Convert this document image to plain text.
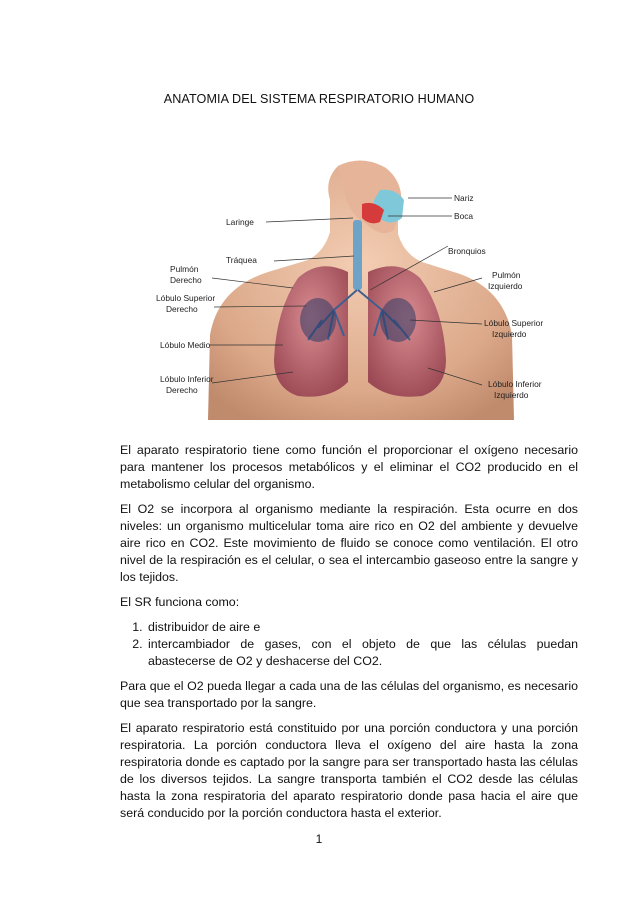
ANATOMIA DEL SISTEMA RESPIRATORIO HUMANO
Laringe
Tráquea
Pulmón
Derecho
Lóbulo Superior
Derecho
Lóbulo Medio
Lóbulo Inferior
Derecho
Nariz
Boca
Bronquios
Pulmón
Izquierdo
Lóbulo Superior
Izquierdo
Lóbulo Inferior
Izquierdo

El aparato respiratorio tiene como función el proporcionar el oxígeno necesario para mantener los procesos metabólicos y el eliminar el CO2 producido en el metabolismo celular del organismo.

El O2 se incorpora al organismo mediante la respiración. Esta ocurre en dos niveles: un organismo multicelular toma aire rico en O2 del ambiente y devuelve aire rico en CO2. Este movimiento de fluido se conoce como ventilación. El otro nivel de la respiración es el celular, o sea el intercambio gaseoso entre la sangre y los tejidos.

El SR funciona como:

1. distribuidor de aire e
2. intercambiador de gases, con el objeto de que las células puedan abastecerse de O2 y deshacerse del CO2.

Para que el O2 pueda llegar a cada una de las células del organismo, es necesario que sea transportado por la sangre.

El aparato respiratorio está constituido por una porción conductora y una porción respiratoria. La porción conductora lleva el oxígeno del aire hasta la zona respiratoria donde es captado por la sangre para ser transportado hasta las células de los diversos tejidos. La sangre transporta también el CO2 desde las células hasta la zona respiratoria del aparato respiratorio donde pasa hacia el aire que será conducido por la porción conductora hasta el exterior.

1
